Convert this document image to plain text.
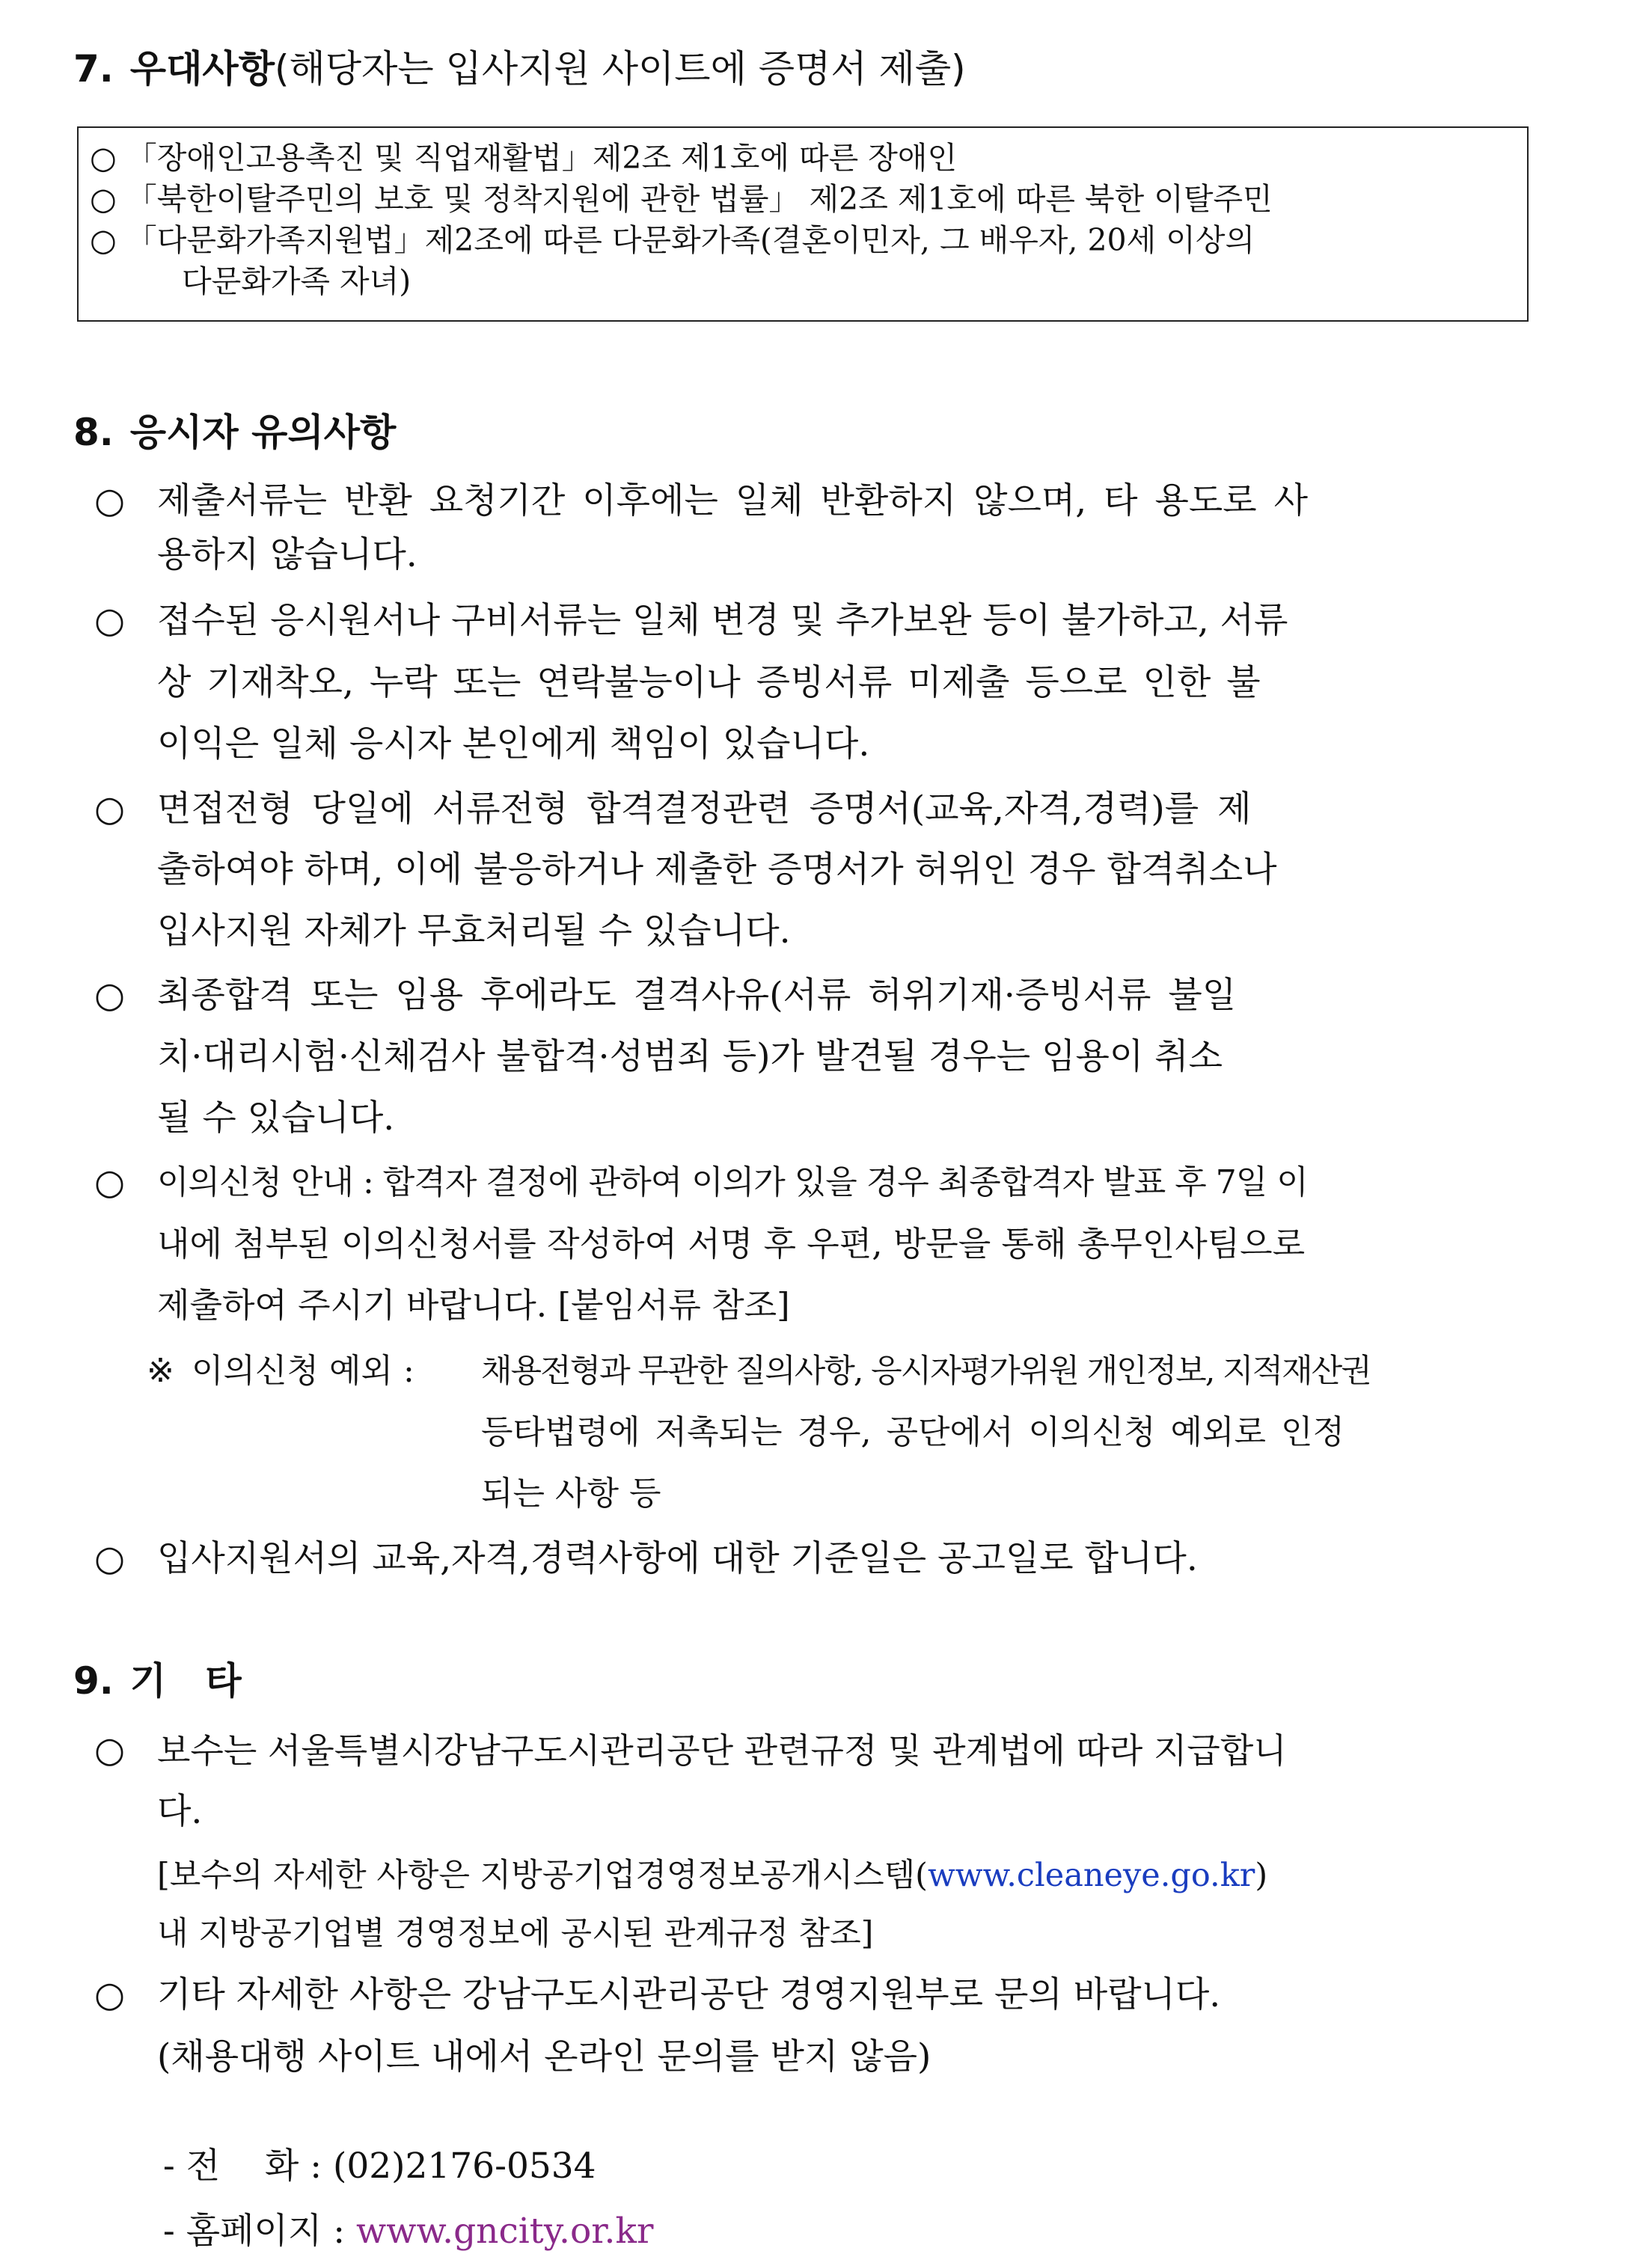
7. 우대사항(해당자는 입사지원 사이트에 증명서 제출)
○ 「장애인고용촉진 및 직업재활법」제2조 제1호에 따른 장애인
○ 「북한이탈주민의 보호 및 정착지원에 관한 법률」 제2조 제1호에 따른 북한 이탈주민
○ 「다문화가족지원법」제2조에 따른 다문화가족(결혼이민자, 그 배우자, 20세 이상의
다문화가족 자녀)
8. 응시자 유의사항
○ 제출서류는 반환 요청기간 이후에는 일체 반환하지 않으며, 타 용도로 사
용하지 않습니다.
○ 접수된 응시원서나 구비서류는 일체 변경 및 추가보완 등이 불가하고, 서류
상 기재착오, 누락 또는 연락불능이나 증빙서류 미제출 등으로 인한 불
이익은 일체 응시자 본인에게 책임이 있습니다.
○ 면접전형 당일에 서류전형 합격결정관련 증명서(교육,자격,경력)를 제
출하여야 하며, 이에 불응하거나 제출한 증명서가 허위인 경우 합격취소나
입사지원 자체가 무효처리될 수 있습니다.
○ 최종합격 또는 임용 후에라도 결격사유(서류 허위기재·증빙서류 불일
치·대리시험·신체검사 불합격·성범죄 등)가 발견될 경우는 임용이 취소
될 수 있습니다.
○ 이의신청 안내 : 합격자 결정에 관하여 이의가 있을 경우 최종합격자 발표 후 7일 이
내에 첨부된 이의신청서를 작성하여 서명 후 우편, 방문을 통해 총무인사팀으로
제출하여 주시기 바랍니다. [붙임서류 참조]
※ 이의신청 예외 : 채용전형과 무관한 질의사항, 응시자평가위원 개인정보, 지적재산권
등타법령에 저촉되는 경우, 공단에서 이의신청 예외로 인정
되는 사항 등
○ 입사지원서의 교육,자격,경력사항에 대한 기준일은 공고일로 합니다.
9. 기   타
○ 보수는 서울특별시강남구도시관리공단 관련규정 및 관계법에 따라 지급합니
다.
[보수의 자세한 사항은 지방공기업경영정보공개시스템(www.cleaneye.go.kr)
내 지방공기업별 경영정보에 공시된 관계규정 참조]
○ 기타 자세한 사항은 강남구도시관리공단 경영지원부로 문의 바랍니다.
(채용대행 사이트 내에서 온라인 문의를 받지 않음)

- 전    화 : (02)2176-0534

- 홈페이지 : www.gncity.or.kr
